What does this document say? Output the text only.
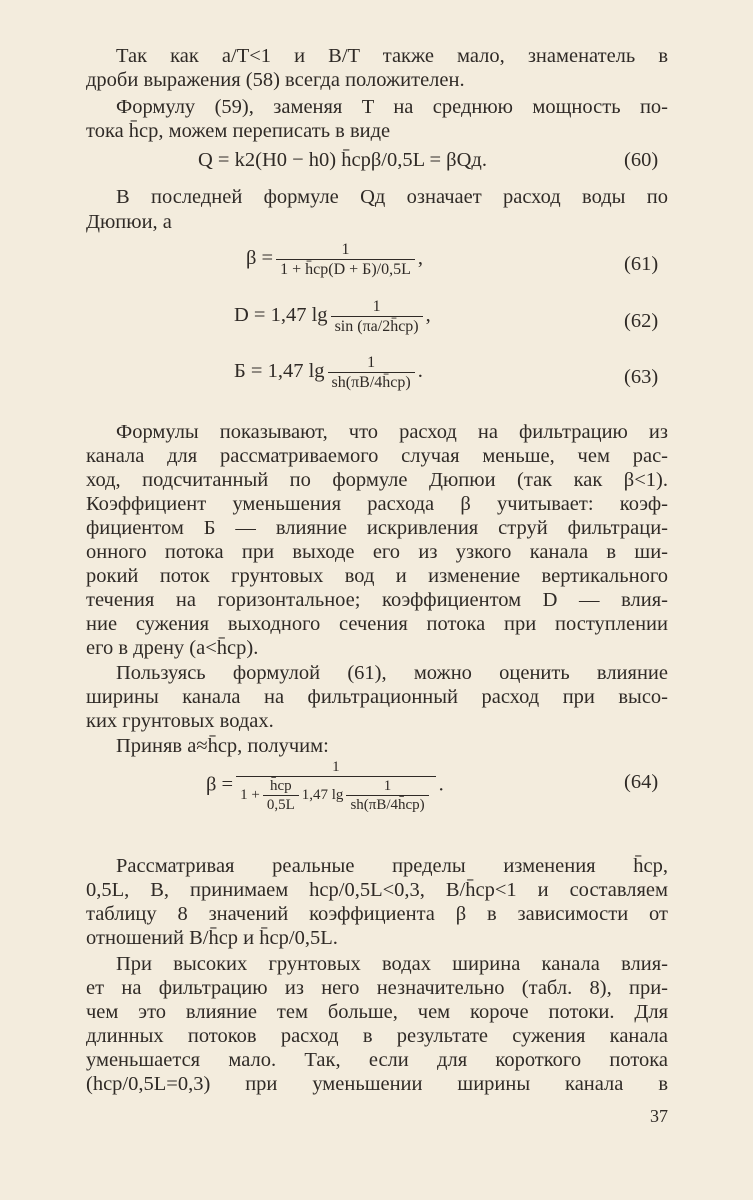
Так как a/T<1 и B/T также мало, знаменатель в
дроби выражения (58) всегда положителен.
Формулу (59), заменяя T на среднюю мощность по-
тока h̄cp, можем переписать в виде
Q = k2(H0 − h0) h̄cpβ/0,5L = βQд.	(60)
В последней формуле Qд означает расход воды по
Дюпюи, а
$\beta = \frac{1}{1 + h̄cp(D + Б)/0,5L}$ ,	(61)
D = 1,47 $\lg \frac{1}{\sin (\pi a/2h̄cp)}$ ,	(62)
Б = 1,47 $\lg \frac{1}{sh(\pi B/4h̄cp)}$ .	(63)
Формулы показывают, что расход на фильтрацию из
канала для рассматриваемого случая меньше, чем рас-
ход, подсчитанный по формуле Дюпюи (так как β<1).
Коэффициент уменьшения расхода β учитывает: коэф-
фициентом Б — влияние искривления струй фильтраци-
онного потока при выходе его из узкого канала в ши-
рокий поток грунтовых вод и изменение вертикального
течения на горизонтальное; коэффициентом D — влия-
ние сужения выходного сечения потока при поступлении
его в дрену (a<h̄cp).
Пользуясь формулой (61), можно оценить влияние
ширины канала на фильтрационный расход при высо-
ких грунтовых водах.
Приняв a≈h̄cp, получим:
$\beta = \frac{1}{1 + \frac{h̄cp}{0,5L} 1,47 \lg \frac{1}{sh(\pi B/4h̄cp)}}$ .	(64)
Рассматривая реальные пределы изменения h̄cp,
0,5L, B, принимаем hcp/0,5L<0,3, B/h̄cp<1 и составляем
таблицу 8 значений коэффициента β в зависимости от
отношений B/h̄cp и h̄cp/0,5L.
При высоких грунтовых водах ширина канала влия-
ет на фильтрацию из него незначительно (табл. 8), при-
чем это влияние тем больше, чем короче потоки. Для
длинных потоков расход в результате сужения канала
уменьшается мало. Так, если для короткого потока
(hcp/0,5L=0,3) при уменьшении ширины канала в
37
